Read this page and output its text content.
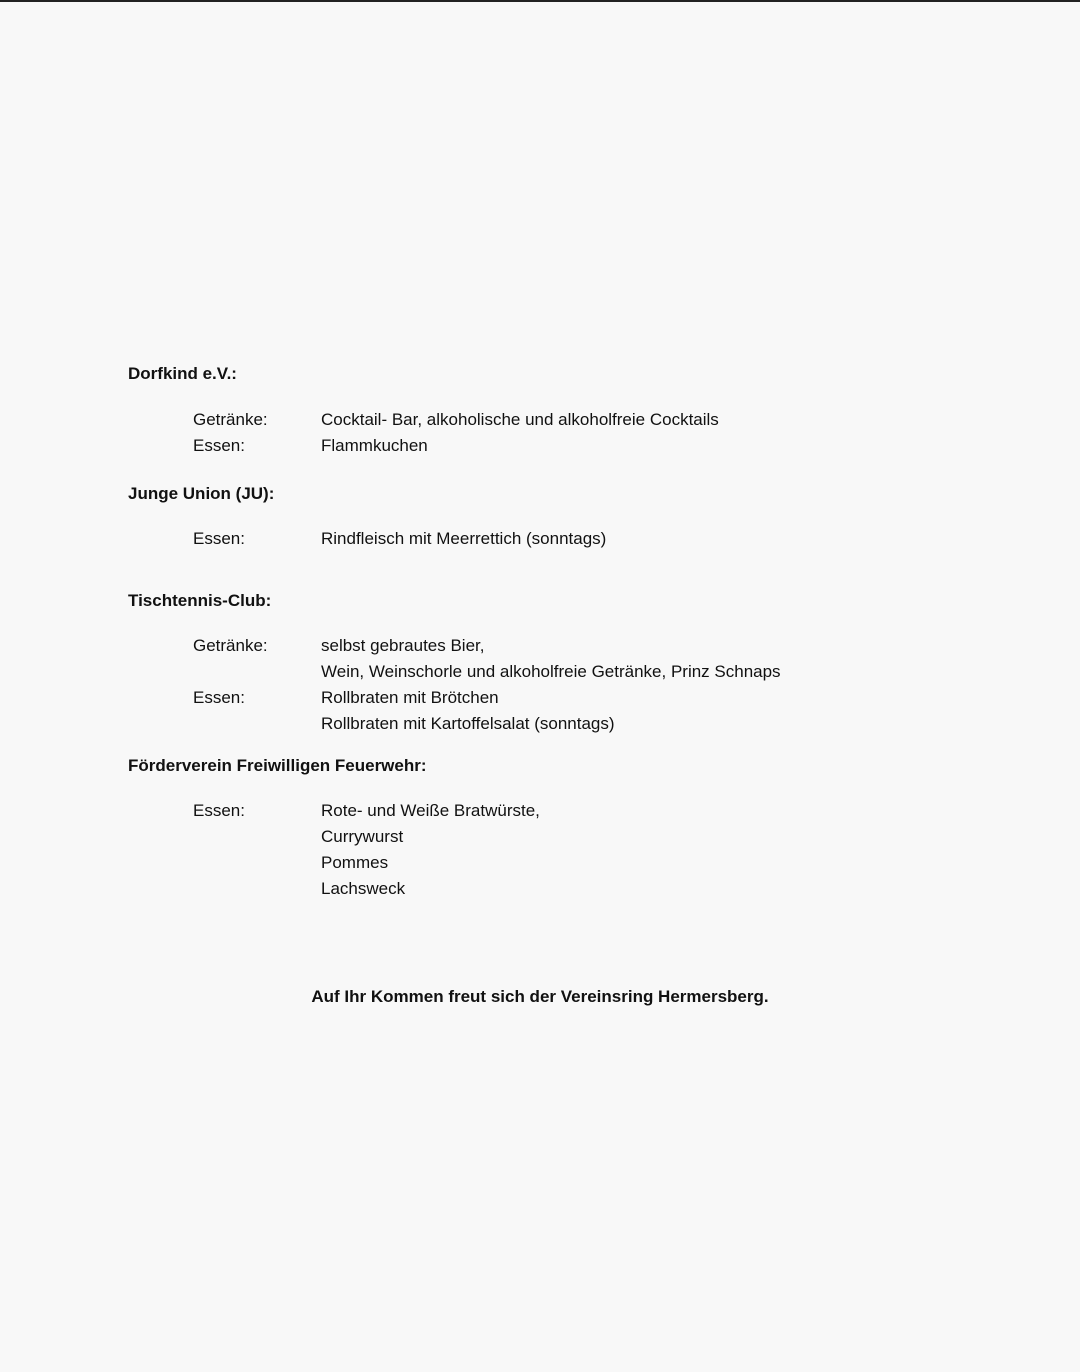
Dorfkind e.V.:
Getränke:	Cocktail- Bar, alkoholische und alkoholfreie Cocktails
Essen:	Flammkuchen
Junge Union (JU):
Essen:	Rindfleisch mit Meerrettich (sonntags)
Tischtennis-Club:
Getränke:	selbst gebrautes Bier,
Wein, Weinschorle und alkoholfreie Getränke, Prinz Schnaps
Essen:	Rollbraten mit Brötchen
Rollbraten mit Kartoffelsalat (sonntags)
Förderverein Freiwilligen Feuerwehr:
Essen:	Rote- und Weiße Bratwürste,
Currywurst
Pommes
Lachsweck
Auf Ihr Kommen freut sich der Vereinsring Hermersberg.
